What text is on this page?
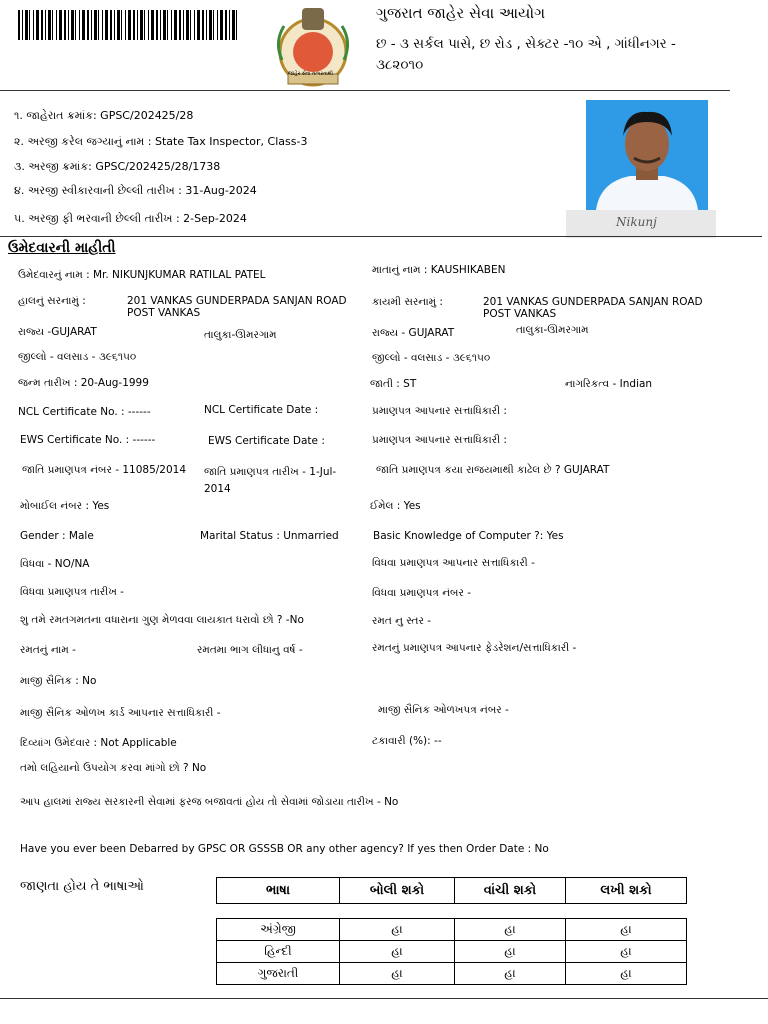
જાહેર સેવા તત્પરતાથી
ગુજરાત જાહેર સેવા આયોગ
છ - ૩ સર્કલ પાસે, છ રોડ , સેક્ટર -૧૦ એ , ગાંધીનગર - ૩૮૨૦૧૦
૧. જાહેરાત ક્રમાંક: GPSC/202425/28
૨. અરજી કરેલ જગ્યાનું નામ : State Tax Inspector, Class-3
૩. અરજી ક્રમાંક: GPSC/202425/28/1738
૪. અરજી સ્વીકારવાની છેલ્લી તારીખ : 31-Aug-2024
૫. અરજી ફી ભરવાની છેલ્લી તારીખ : 2-Sep-2024	Nikunj
ઉમેદવારની માહીતી
ઉમેદવારનું નામ : Mr. NIKUNJKUMAR RATILAL PATEL	માતાનું નામ : KAUSHIKABEN
હાલનું સરનામું :	201 VANKAS GUNDERPADA SANJAN ROAD POST VANKAS
કાયમી સરનામું :	201 VANKAS GUNDERPADA SANJAN ROAD POST VANKAS
રાજ્ય -GUJARAT	તાલુકા-ઊમરગામ	રાજ્ય - GUJARAT	તાલુકા-ઊમરગામ
જીલ્લો - વલસાડ - ૩૯૬૧૫૦	જીલ્લો - વલસાડ - ૩૯૬૧૫૦
જન્મ તારીખ : 20-Aug-1999	જાતી : ST	નાગરિકત્વ - Indian
NCL Certificate No. : ------	NCL Certificate Date :	પ્રમાણપત્ર આપનાર સત્તાધિકારી :
EWS Certificate No. : ------	EWS Certificate Date :	પ્રમાણપત્ર આપનાર સત્તાધિકારી :
જાતિ પ્રમાણપત્ર નંબર - 11085/2014 જાતિ પ્રમાણપત્ર તારીખ - 1-Jul-2014
જાતિ પ્રમાણપત્ર કયા રાજયમાથી કાઢેલ છે ? GUJARAT
મોબાઈલ નંબર : Yes	ઈમેલ : Yes
Gender : Male	Marital Status : Unmarried	Basic Knowledge of Computer ?: Yes
વિધવા - NO/NA	વિધવા પ્રમાણપત્ર આપનાર સત્તાધિકારી -
વિધવા પ્રમાણપત્ર તારીખ -	વિધવા પ્રમાણપત્ર નંબર -
શુ તમે રમતગમતના વધારાના ગુણ મેળવવા લાયકાત ધરાવો છો ? -No	રમત નુ સ્તર -
રમતનું નામ -	રમતમા ભાગ લીધાનુ વર્ષ -	રમતનું પ્રમાણપત્ર આપનાર ફેડરેશન/સત્તાધિકારી -
માજી સૈનિક : No
માજી સૈનિક ઓળખ કાર્ડ આપનાર સત્તાધિકારી -	માજી સૈનિક ઓળખપત્ર નંબર -
દિવ્યાંગ ઉમેદવાર : Not Applicable	ટકાવારી (%): --
તમો લહિયાનો ઉપયોગ કરવા માંગો છો ? No
આપ હાલમાં રાજ્ય સરકારની સેવામાં ફરજ બજાવતાં હોય તો સેવામાં જોડાયા તારીખ - No
Have you ever been Debarred by GPSC OR GSSSB OR any other agency? If yes then Order Date : No
જાણતા હોય તે ભાષાઓ	ભાષા	બોલી શકો	વાંચી શકો	લખી શકો
અંગ્રેજી	હા	હા	હા
હિન્દી	હા	હા	હા
ગુજરાતી	હા	હા	હા
